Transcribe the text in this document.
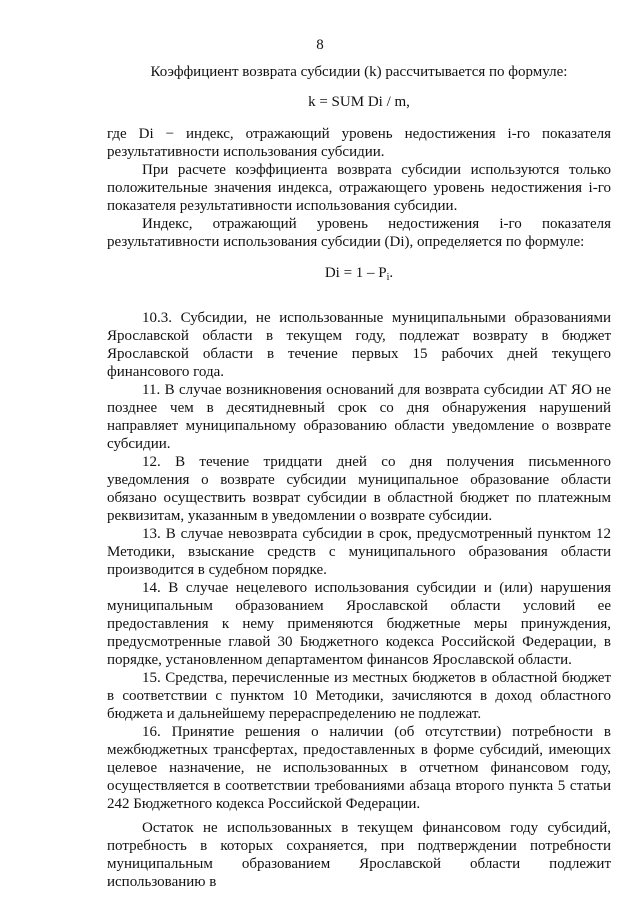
8

Коэффициент возврата субсидии (k) рассчитывается по формуле:

k = SUM Di / m,

где Di − индекс, отражающий уровень недостижения i-го показателя результативности использования субсидии.

При расчете коэффициента возврата субсидии используются только положительные значения индекса, отражающего уровень недостижения i-го показателя результативности использования субсидии.

Индекс, отражающий уровень недостижения i-го показателя результативности использования субсидии (Di), определяется по формуле:

$Di = 1 - P_i$.

10.3. Субсидии, не использованные муниципальными образованиями Ярославской области в текущем году, подлежат возврату в бюджет Ярославской области в течение первых 15 рабочих дней текущего финансового года.

11. В случае возникновения оснований для возврата субсидии АТ ЯО не позднее чем в десятидневный срок со дня обнаружения нарушений направляет муниципальному образованию области уведомление о возврате субсидии.

12. В течение тридцати дней со дня получения письменного уведомления о возврате субсидии муниципальное образование области обязано осуществить возврат субсидии в областной бюджет по платежным реквизитам, указанным в уведомлении о возврате субсидии.

13. В случае невозврата субсидии в срок, предусмотренный пунктом 12 Методики, взыскание средств с муниципального образования области производится в судебном порядке.

14. В случае нецелевого использования субсидии и (или) нарушения муниципальным образованием Ярославской области условий ее предоставления к нему применяются бюджетные меры принуждения, предусмотренные главой 30 Бюджетного кодекса Российской Федерации, в порядке, установленном департаментом финансов Ярославской области.

15. Средства, перечисленные из местных бюджетов в областной бюджет в соответствии с пунктом 10 Методики, зачисляются в доход областного бюджета и дальнейшему перераспределению не подлежат.

16. Принятие решения о наличии (об отсутствии) потребности в межбюджетных трансфертах, предоставленных в форме субсидий, имеющих целевое назначение, не использованных в отчетном финансовом году, осуществляется в соответствии требованиями абзаца второго пункта 5 статьи 242 Бюджетного кодекса Российской Федерации.

Остаток не использованных в текущем финансовом году субсидий, потребность в которых сохраняется, при подтверждении потребности муниципальным образованием Ярославской области подлежит использованию в
